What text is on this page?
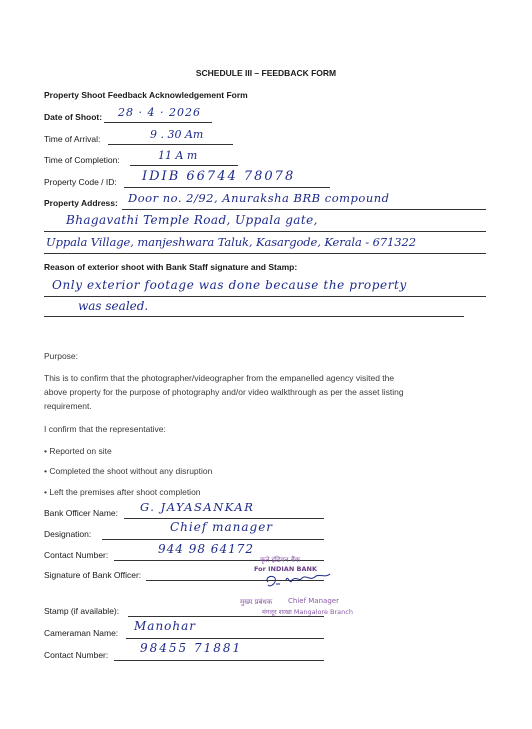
SCHEDULE III – FEEDBACK FORM
Property Shoot Feedback Acknowledgement Form
Date of Shoot: 28 · 4 · 2026
Time of Arrival:	9 . 30 Am
Time of Completion:	11 A m
Property Code / ID: IDIB 66744 78078
Property Address: Door no. 2/92, Anuraksha BRB compound
Bhagavathi Temple Road, Uppala gate,
Uppala Village, manjeshwara Taluk, Kasargode, Kerala - 671322
Reason of exterior shoot with Bank Staff signature and Stamp:
Only exterior footage was done because the property
was sealed.
Purpose:
This is to confirm that the photographer/videographer from the empanelled agency visited the
above property for the purpose of photography and/or video walkthrough as per the asset listing
requirement.
I confirm that the representative:
• Reported on site
• Completed the shoot without any disruption
• Left the premises after shoot completion
Bank Officer Name: G. JAYASANKAR
Designation:	Chief manager
Contact Number:	944 98 64172
Signature of Bank Officer:
कृते इंडियन बैंक
For INDIAN BANK
Stamp (if available):
मुख्य प्रबंधक Chief Manager
मंगलूर शाखा Mangalore Branch
Cameraman Name: Manohar
Contact Number:	98455 71881
